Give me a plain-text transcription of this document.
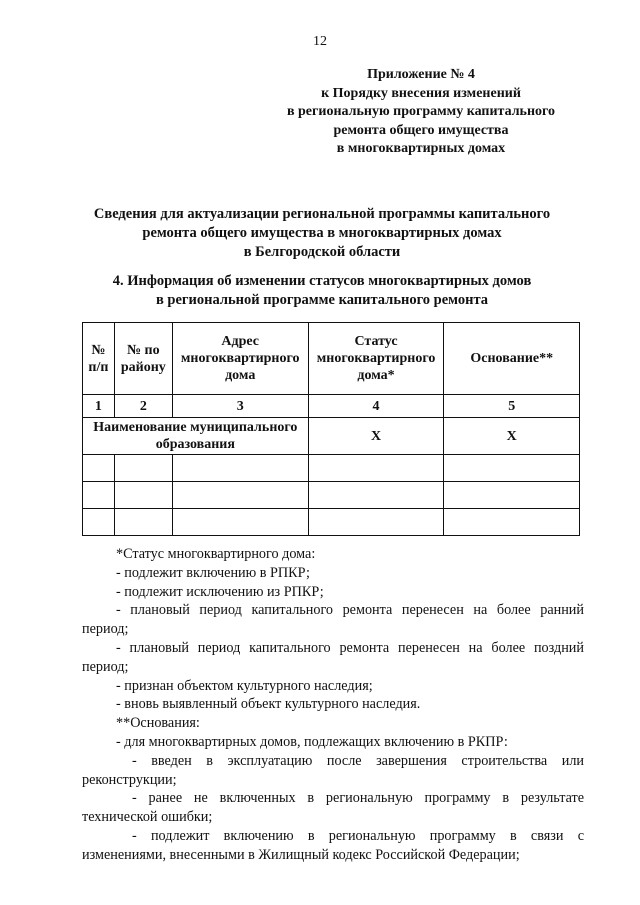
12
Приложение № 4
к Порядку внесения изменений
в региональную программу капитального
ремонта общего имущества
в многоквартирных домах
Сведения для актуализации региональной программы капитального
ремонта общего имущества в многоквартирных домах
в Белгородской области
4. Информация об изменении статусов многоквартирных домов
в региональной программе капитального ремонта
№ п/п	№ по району	Адрес многоквартирного дома	Статус многоквартирного дома*	Основание**
1	2	3	4	5
Наименование муниципального образования			X	X

*Статус многоквартирного дома:

- подлежит включению в РПКР;

- подлежит исключению из РПКР;

- плановый период капитального ремонта перенесен на более ранний период;

- плановый период капитального ремонта перенесен на более поздний период;

- признан объектом культурного наследия;

- вновь выявленный объект культурного наследия.

**Основания:

- для многоквартирных домов, подлежащих включению в РКПР:

- введен в эксплуатацию после завершения строительства или реконструкции;

- ранее не включенных в региональную программу в результате технической ошибки;

- подлежит включению в региональную программу в связи с изменениями, внесенными в Жилищный кодекс Российской Федерации;
